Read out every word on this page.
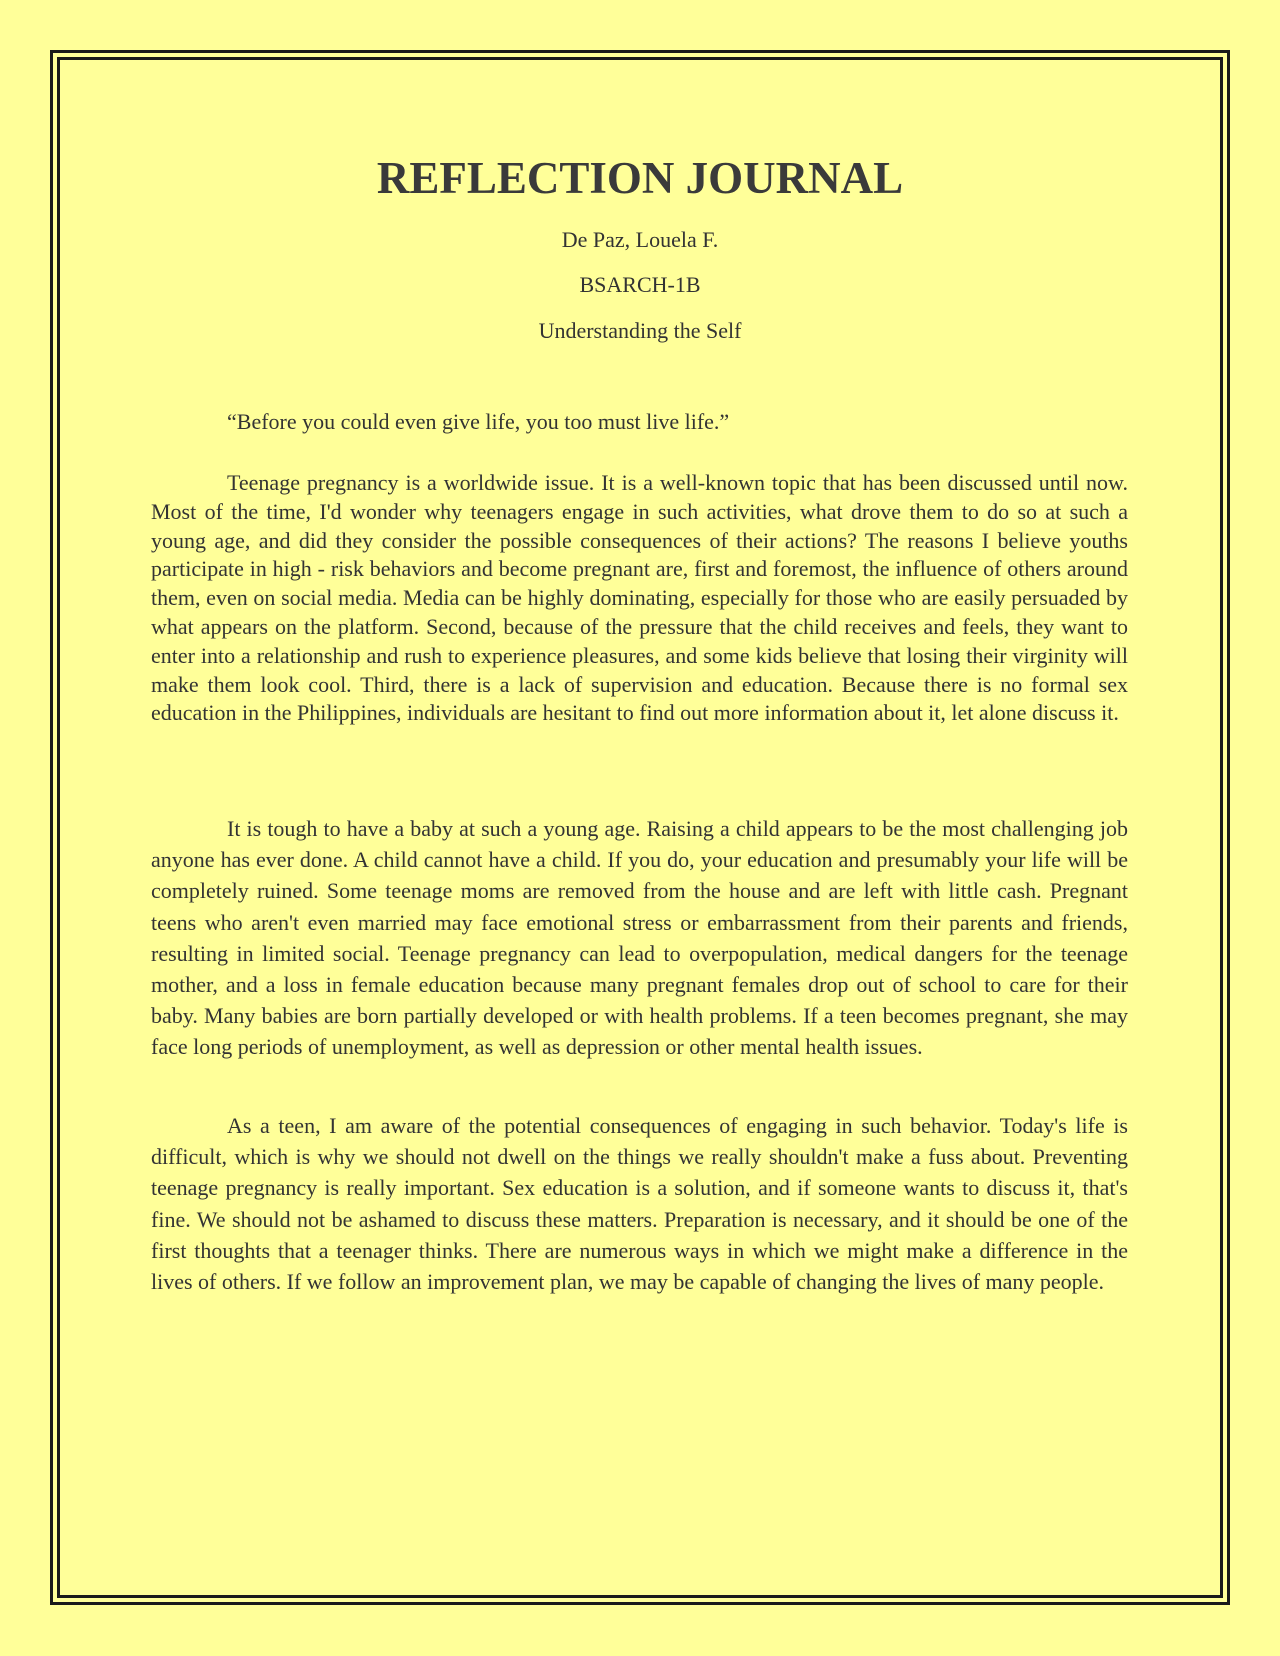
REFLECTION JOURNAL
De Paz, Louela F.
BSARCH-1B
Understanding the Self
“Before you could even give life, you too must live life.”

Teenage pregnancy is a worldwide issue. It is a well-known topic that has been discussed until now. Most of the time, I'd wonder why teenagers engage in such activities, what drove them to do so at such a young age, and did they consider the possible consequences of their actions? The reasons I believe youths participate in high - risk behaviors and become pregnant are, first and foremost, the influence of others around them, even on social media. Media can be highly dominating, especially for those who are easily persuaded by what appears on the platform. Second, because of the pressure that the child receives and feels, they want to enter into a relationship and rush to experience pleasures, and some kids believe that losing their virginity will make them look cool. Third, there is a lack of supervision and education. Because there is no formal sex education in the Philippines, individuals are hesitant to find out more information about it, let alone discuss it.

It is tough to have a baby at such a young age. Raising a child appears to be the most challenging job anyone has ever done. A child cannot have a child. If you do, your education and presumably your life will be completely ruined. Some teenage moms are removed from the house and are left with little cash. Pregnant teens who aren't even married may face emotional stress or embarrassment from their parents and friends, resulting in limited social. Teenage pregnancy can lead to overpopulation, medical dangers for the teenage mother, and a loss in female education because many pregnant females drop out of school to care for their baby. Many babies are born partially developed or with health problems. If a teen becomes pregnant, she may face long periods of unemployment, as well as depression or other mental health issues.

As a teen, I am aware of the potential consequences of engaging in such behavior. Today's life is difficult, which is why we should not dwell on the things we really shouldn't make a fuss about. Preventing teenage pregnancy is really important. Sex education is a solution, and if someone wants to discuss it, that's fine. We should not be ashamed to discuss these matters. Preparation is necessary, and it should be one of the first thoughts that a teenager thinks. There are numerous ways in which we might make a difference in the lives of others. If we follow an improvement plan, we may be capable of changing the lives of many people.
